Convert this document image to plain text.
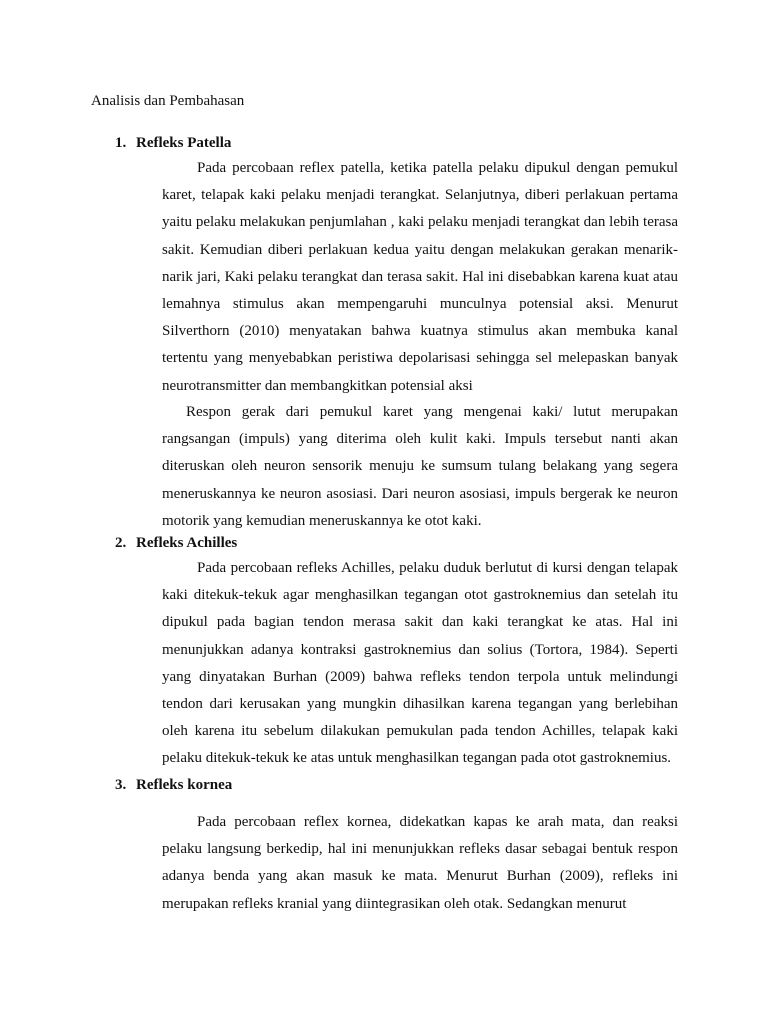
Analisis dan Pembahasan
1. Refleks Patella

Pada percobaan reflex patella, ketika patella pelaku dipukul dengan pemukul karet, telapak kaki pelaku menjadi terangkat. Selanjutnya, diberi perlakuan pertama yaitu pelaku melakukan penjumlahan , kaki pelaku menjadi terangkat dan lebih terasa sakit. Kemudian diberi perlakuan kedua yaitu dengan melakukan gerakan menarik-narik jari, Kaki pelaku terangkat dan terasa sakit. Hal ini disebabkan karena kuat atau lemahnya stimulus akan mempengaruhi munculnya potensial aksi. Menurut Silverthorn (2010) menyatakan bahwa kuatnya stimulus akan membuka kanal tertentu yang menyebabkan peristiwa depolarisasi sehingga sel melepaskan banyak neurotransmitter dan membangkitkan potensial aksi

Respon gerak dari pemukul karet yang mengenai kaki/ lutut merupakan rangsangan (impuls) yang diterima oleh kulit kaki. Impuls tersebut nanti akan diteruskan oleh neuron sensorik menuju ke sumsum tulang belakang yang segera meneruskannya ke neuron asosiasi. Dari neuron asosiasi, impuls bergerak ke neuron motorik yang kemudian meneruskannya ke otot kaki.

2. Refleks Achilles

Pada percobaan refleks Achilles, pelaku duduk berlutut di kursi dengan telapak kaki ditekuk-tekuk agar menghasilkan tegangan otot gastroknemius dan setelah itu dipukul pada bagian tendon merasa sakit dan kaki terangkat ke atas. Hal ini menunjukkan adanya kontraksi gastroknemius dan solius (Tortora, 1984). Seperti yang dinyatakan Burhan (2009) bahwa refleks tendon terpola untuk melindungi tendon dari kerusakan yang mungkin dihasilkan karena tegangan yang berlebihan oleh karena itu sebelum dilakukan pemukulan pada tendon Achilles, telapak kaki pelaku ditekuk-tekuk ke atas untuk menghasilkan tegangan pada otot gastroknemius.

3. Refleks kornea

Pada percobaan reflex kornea, didekatkan kapas ke arah mata, dan reaksi pelaku langsung berkedip, hal ini menunjukkan refleks dasar sebagai bentuk respon adanya benda yang akan masuk ke mata. Menurut Burhan (2009), refleks ini merupakan refleks kranial yang diintegrasikan oleh otak. Sedangkan menurut
